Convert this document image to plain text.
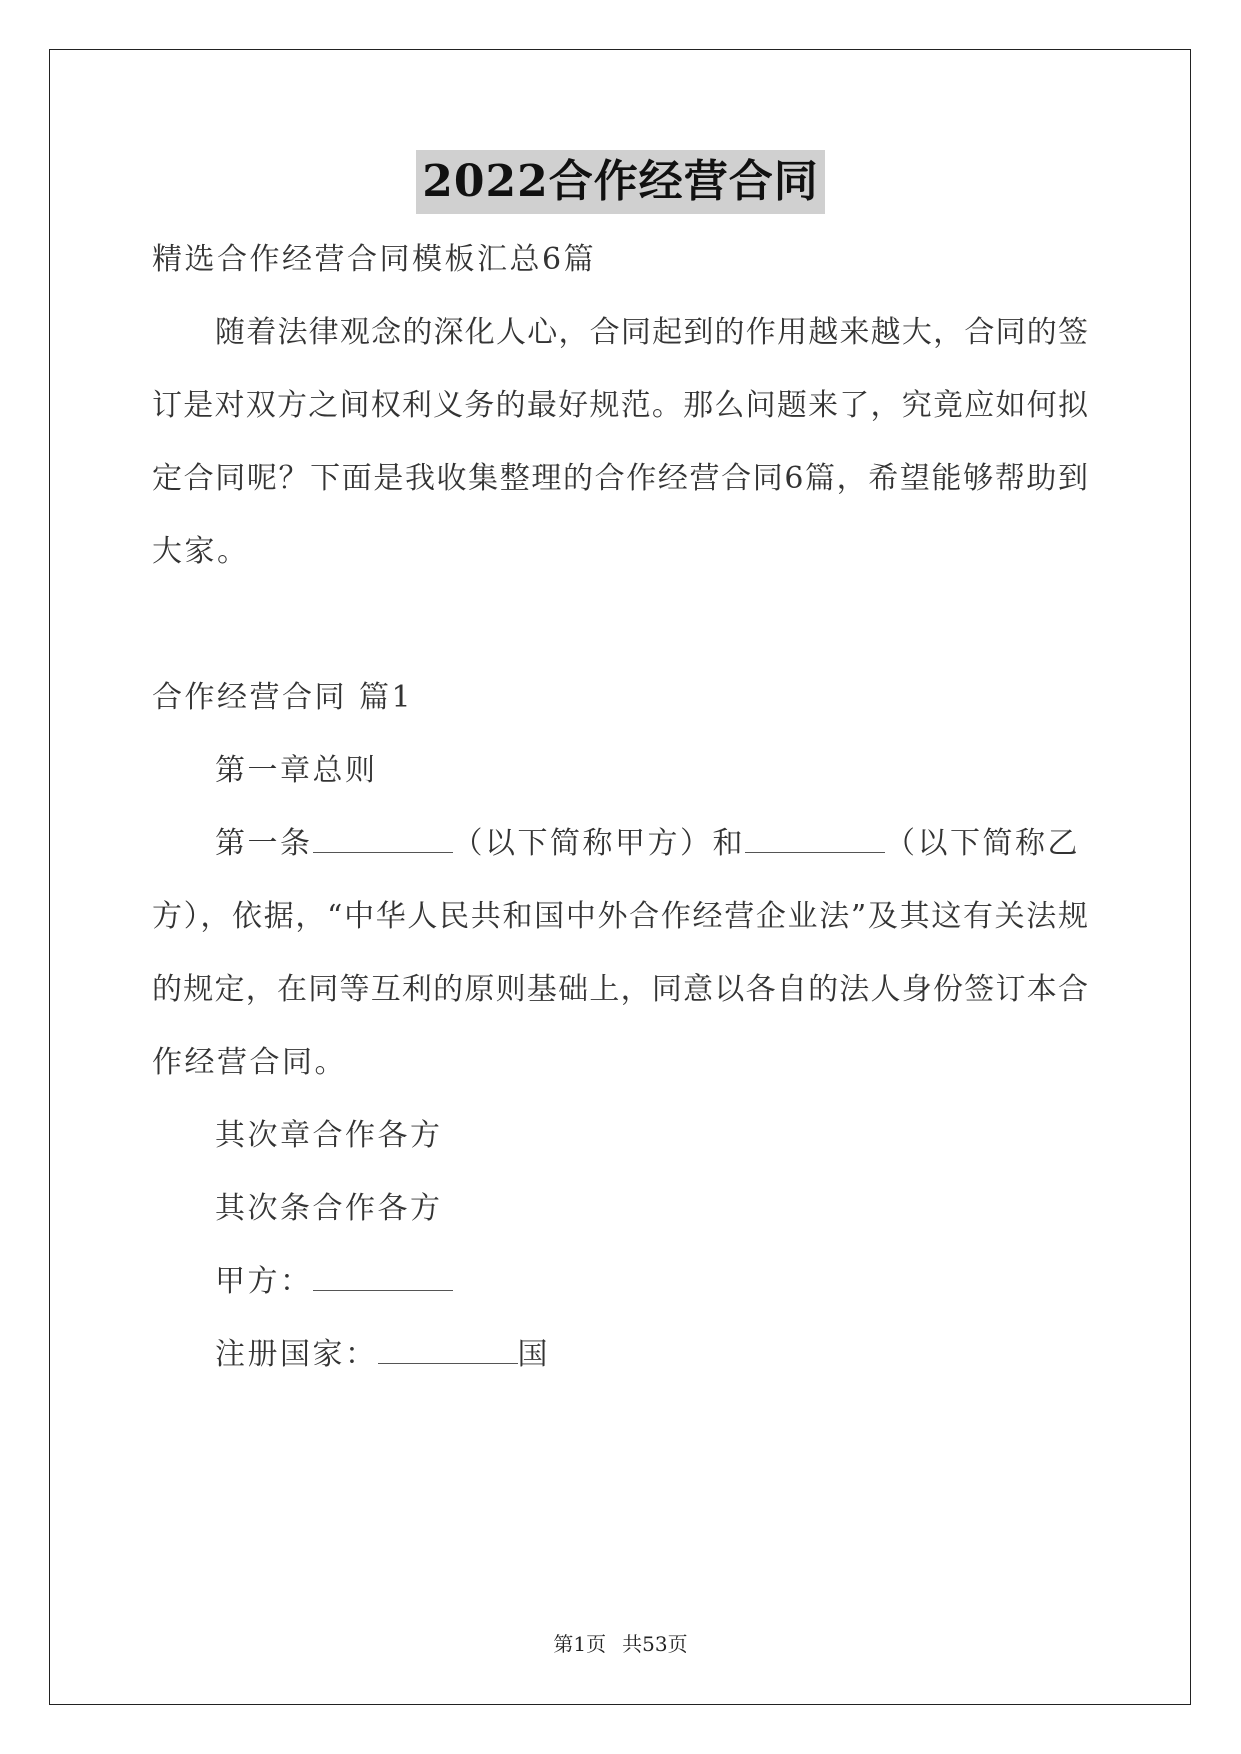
2022合作经营合同
精选合作经营合同模板汇总6篇
随着法律观念的深化人心，合同起到的作用越来越大，合同的签
订是对双方之间权利义务的最好规范。那么问题来了，究竟应如何拟
定合同呢？下面是我收集整理的合作经营合同6篇，希望能够帮助到
大家。
合作经营合同 篇1
第一章总则
第一条	（以下简称甲方）和	（以下简称乙
方），依据，“中华人民共和国中外合作经营企业法”及其这有关法规
的规定，在同等互利的原则基础上，同意以各自的法人身份签订本合
作经营合同。
其次章合作各方
其次条合作各方
甲方：
注册国家：	国
第1页 共53页
